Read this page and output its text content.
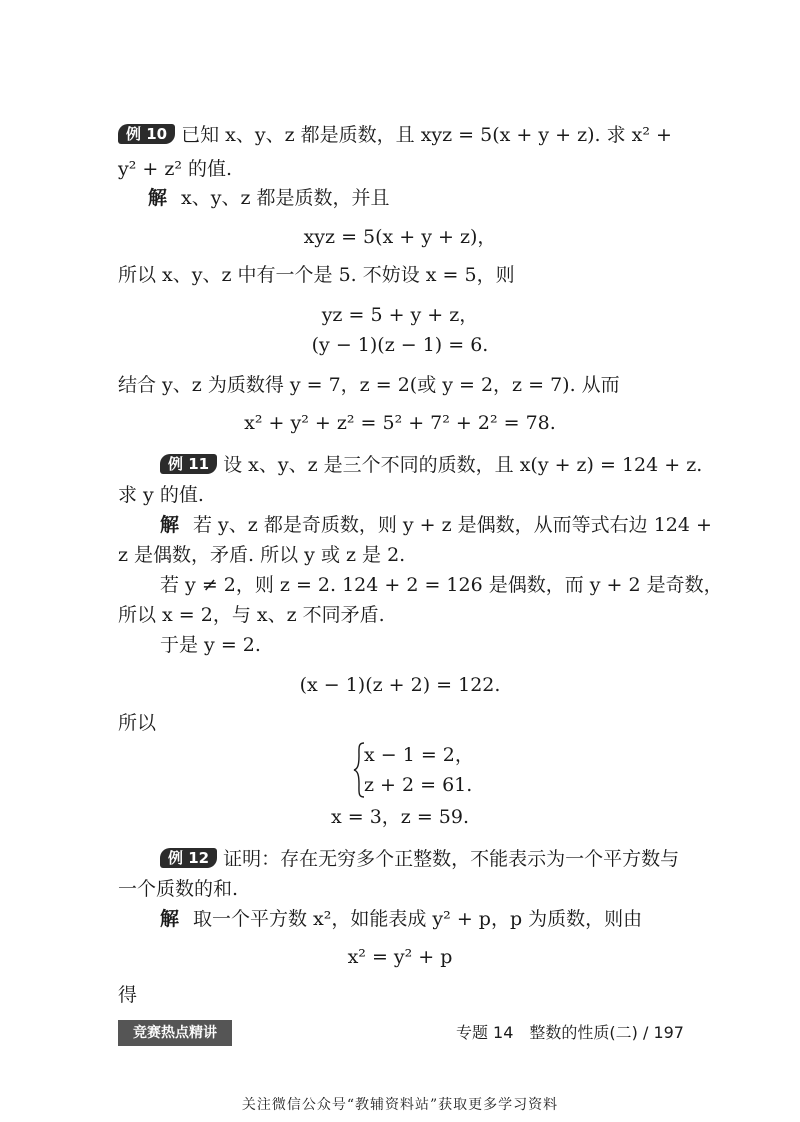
例 10 已知 x、y、z 都是质数，且 xyz = 5(x + y + z). 求 x² +
y² + z² 的值.
解 x、y、z 都是质数，并且
xyz = 5(x + y + z)，
所以 x、y、z 中有一个是 5. 不妨设 x = 5，则
yz = 5 + y + z，
(y − 1)(z − 1) = 6.
结合 y、z 为质数得 y = 7，z = 2(或 y = 2，z = 7). 从而
x² + y² + z² = 5² + 7² + 2² = 78.
例 11 设 x、y、z 是三个不同的质数，且 x(y + z) = 124 + z.
求 y 的值.
解 若 y、z 都是奇质数，则 y + z 是偶数，从而等式右边 124 +
z 是偶数，矛盾. 所以 y 或 z 是 2.
若 y ≠ 2，则 z = 2. 124 + 2 = 126 是偶数，而 y + 2 是奇数，
所以 x = 2，与 x、z 不同矛盾.
于是 y = 2.
(x − 1)(z + 2) = 122.
所以
x − 1 = 2，
z + 2 = 61.
x = 3，z = 59.
例 12 证明：存在无穷多个正整数，不能表示为一个平方数与
一个质数的和.
解 取一个平方数 x²，如能表成 y² + p，p 为质数，则由
x² = y² + p
得
竞赛热点精讲	专题 14　整数的性质(二) / 197
关注微信公众号“教辅资料站”获取更多学习资料
